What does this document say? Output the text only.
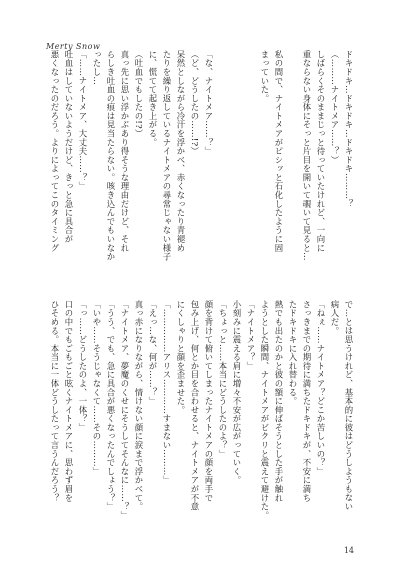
Merty Snow
ドキドキ…ドキドキ…ドキドキ………？
（………ナイトメア……？）
しばらくそのままじっと待っていたけれど、一向に
重ならない身体にそっと片目を開いて覗いて見ると…

私の間で、ナイトメアがピシッと石化したように固
まっていた。

「な、ナイトメア……？」
（ど、どうしたの……!?）
呆然としながら冷汗を浮かべ、赤くなったり青褪め
たりを繰り返しているナイトメアの尋常じゃない様子
に、慌てて起き上がる。
（吐血でもしたの!?）
真っ先に思い浮かぶあり得そうな理由だけど、それ
らしき吐血の痕は見当たらない。咳き込んでもいなか
ったし…
「……ナイトメア、大丈夫……？」
吐血はしていないようだけど、きっと急に具合が
悪くなったのだろう。よりによってこのタイミング
で…とは思うけれど、基本的に彼はどうしようもない
病人だ。
「ねぇ……ナイトメア？どこか苦しいの？」
さっきまでの期待に満ちたドキドキが、不安に満ち
たドキドキに入れ替わる。
熱でも出たのかと彼の額に伸ばそうとした手が触れ
ようとした瞬間、ナイトメアがビクリと震えて避けた。
「ナイトメア？」
小刻みに震える肩に増々不安が広がっていく。
「ちょっと……本当にどうしたのよ？」
顔を背けて俯いてしまったナイトメアの顔を両手で
包み上げ、何とか目を合わせると、ナイトメアが不意
にくしゃりと顔を歪ませた。
「……………アリス…………すまない………」
「えっ…な、何が……？」
真っ赤になりながら、情けない顔に涙まで浮かべて。
「ナイトメア、夢魔のくせにそうしてそんなに……？」
「うう、でも、急に具合が悪くなったんでしょう？」
「いや……そうじゃなくて……その………」
「っ……どうしたのよ、一体？」
口の中でもごもごと呟くナイトメアに、思わず眉を
ひそめる。本当に一体どうしたって言うんだろう？
14
